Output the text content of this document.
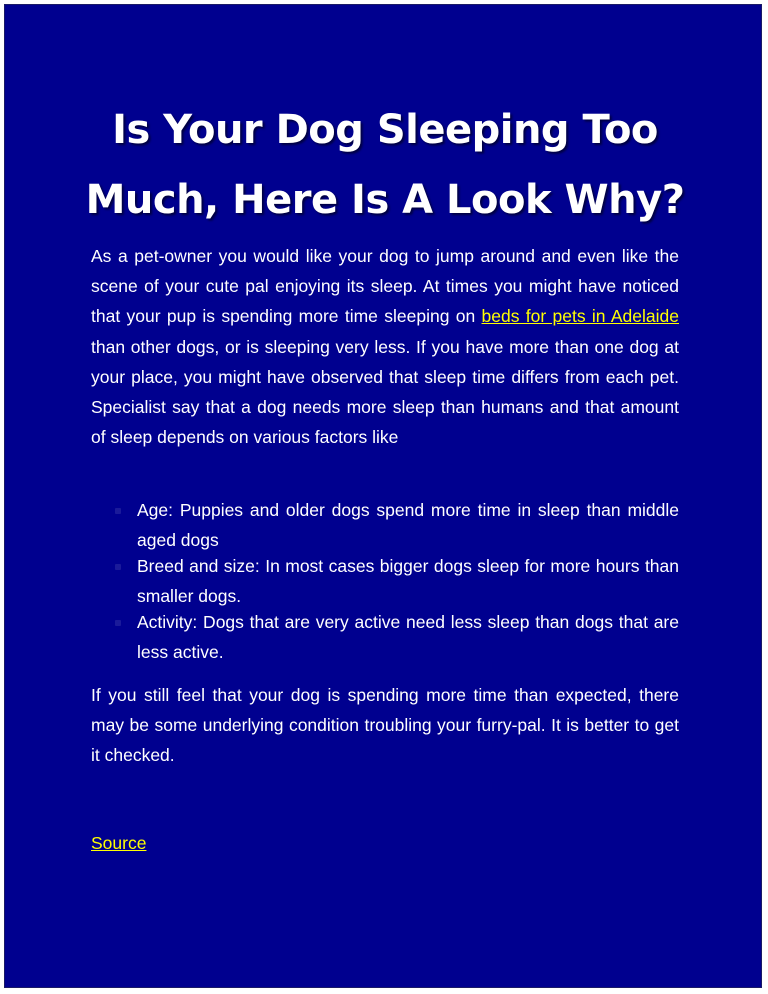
Is Your Dog Sleeping Too Much, Here Is A Look Why?

As a pet-owner you would like your dog to jump around and even like the scene of your cute pal enjoying its sleep. At times you might have noticed that your pup is spending more time sleeping on beds for pets in Adelaide than other dogs, or is sleeping very less. If you have more than one dog at your place, you might have observed that sleep time differs from each pet. Specialist say that a dog needs more sleep than humans and that amount of sleep depends on various factors like

Age: Puppies and older dogs spend more time in sleep than middle aged dogs
Breed and size: In most cases bigger dogs sleep for more hours than smaller dogs.
Activity: Dogs that are very active need less sleep than dogs that are less active.

If you still feel that your dog is spending more time than expected, there may be some underlying condition troubling your furry-pal. It is better to get it checked.

Source
